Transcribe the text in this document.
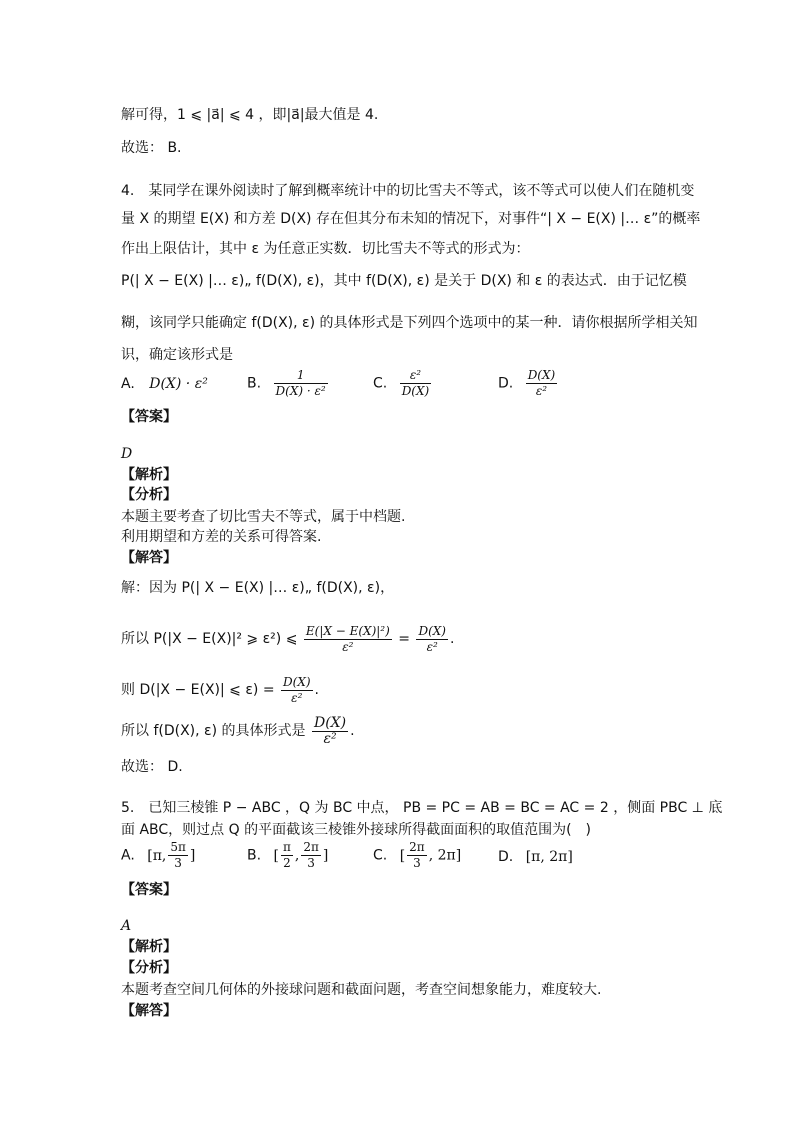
解可得，1 ⩽ |a⃗| ⩽ 4 ，即|a⃗|最大值是 4.
故选： B.
4.　某同学在课外阅读时了解到概率统计中的切比雪夫不等式，该不等式可以使人们在随机变
量 X 的期望 E(X) 和方差 D(X) 存在但其分布未知的情况下，对事件“| X − E(X) |… ε”的概率
作出上限估计，其中 ε 为任意正实数．切比雪夫不等式的形式为：
P(| X − E(X) |… ε)„ f(D(X), ε)，其中 f(D(X), ε) 是关于 D(X) 和 ε 的表达式．由于记忆模
糊，该同学只能确定 f(D(X), ε) 的具体形式是下列四个选项中的某一种．请你根据所学相关知
识，确定该形式是
A. D(X) · ε²	B. $\frac{1}{\text{D(X) · ε²}}$	C. $\frac{\text{ε²}}{D(X)}$	D. $\frac{D(X)}{\text{ε²}}$
【答案】
D
【解析】
【分析】
本题主要考查了切比雪夫不等式，属于中档题.
利用期望和方差的关系可得答案.
【解答】
解：因为 P(| X − E(X) |… ε)„ f(D(X), ε)，
所以 P(|X − E(X)|² ⩾ ε²) ⩽ $\frac{\text{E(|X − E(X)|²)}}{\text{ε²}} = \frac{D(X)}{\text{ε²}}$ .
则 D(|X − E(X)| ⩽ $\varepsilon) = \frac{D(X)}{\text{ε²}}$ .
所以 f(D(X), ε) 的具体形式是 $\frac{D(X)}{\text{ε²}}$ .
故选： D.
5.　已知三棱锥 P − ABC ，Q 为 BC 中点， PB = PC = AB = BC = AC = 2 ，侧面 PBC ⊥ 底
面 ABC，则过点 Q 的平面截该三棱锥外接球所得截面面积的取值范围为(　)
A. [π, $\frac{5\pi}{3}$ ]	B. [ $\frac{\pi}{2}$ , $\frac{2\pi}{3}$ ]	C. [ $\frac{2\pi}{3}$ , 2π]	D. [π, 2π]
【答案】
A
【解析】
【分析】
本题考查空间几何体的外接球问题和截面问题，考查空间想象能力，难度较大.
【解答】
